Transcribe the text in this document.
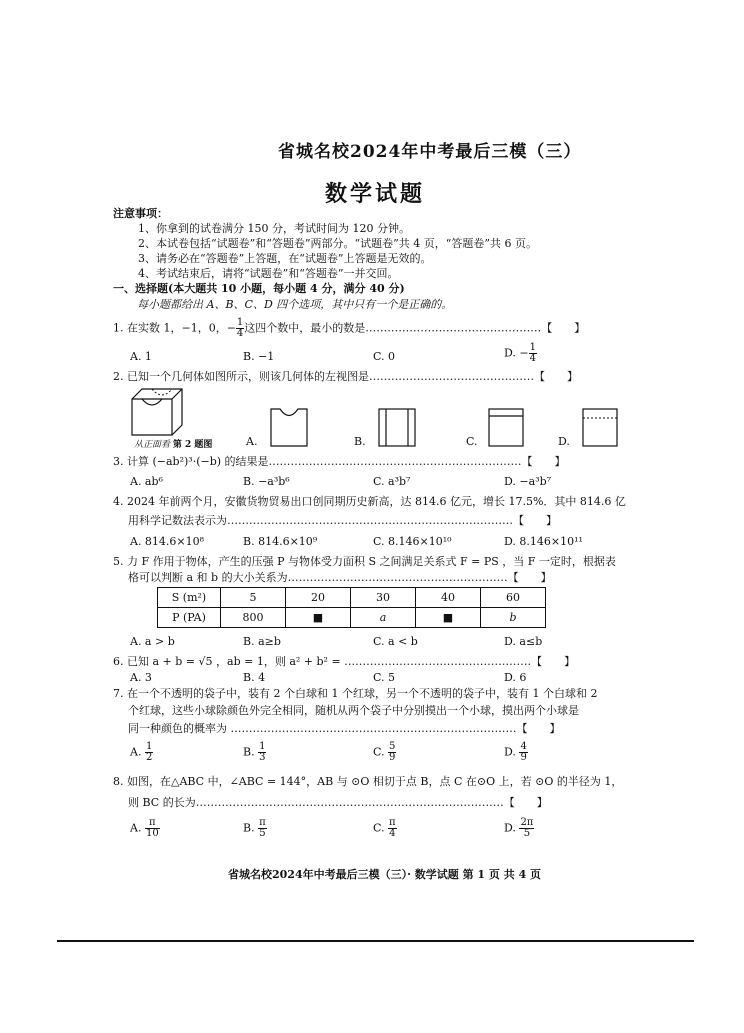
省城名校2024年中考最后三模（三）
数学试题
注意事项：
1、你拿到的试卷满分 150 分，考试时间为 120 分钟。
2、本试卷包括“试题卷”和“答题卷”两部分。“试题卷”共 4 页，“答题卷”共 6 页。
3、请务必在“答题卷”上答题，在“试题卷”上答题是无效的。
4、考试结束后，请将“试题卷”和“答题卷”一并交回。
一、选择题(本大题共 10 小题，每小题 4 分，满分 40 分)
每小题都给出 A、B、C、D 四个选项，其中只有一个是正确的。
1. 在实数 1，−1，0，− $\frac{1}{4}$ 这四个数中，最小的数是…………………………………………【　　】
A. 1	B. −1	C. 0	D. − $\frac{1}{4}$
2. 已知一个几何体如图所示，则该几何体的左视图是………………………………………【　　】
从正面看 第 2 题图	A.	B.	C.	D.
3. 计算 (−ab²)³·(−b) 的结果是……………………………………………………………【　　】
A. ab⁶	B. −a³b⁶	C. a³b⁷	D. −a³b⁷
4. 2024 年前两个月，安徽货物贸易出口创同期历史新高，达 814.6 亿元，增长 17.5%．其中 814.6 亿
用科学记数法表示为……………………………………………………………………【　　】
A. 814.6×10⁸	B. 814.6×10⁹	C. 8.146×10¹⁰	D. 8.146×10¹¹
5. 力 F 作用于物体，产生的压强 P 与物体受力面积 S 之间满足关系式 F = PS ，当 F 一定时，根据表
格可以判断 a 和 b 的大小关系为……………………………………………………【　　】
S (m²)	5	20	30	40	60
P (PA)	800	■	a	■	b
A. a > b	B. a≥b	C. a < b	D. a≤b
6. 已知 a + b = √5 ，ab = 1，则 a² + b² = ……………………………………………【　　】
A. 3	B. 4	C. 5	D. 6
7. 在一个不透明的袋子中，装有 2 个白球和 1 个红球，另一个不透明的袋子中，装有 1 个白球和 2
个红球，这些小球除颜色外完全相同，随机从两个袋子中分别摸出一个小球，摸出两个小球是
同一种颜色的概率为 ……………………………………………………………………【　　】
A. $\frac{1}{2}$	B. $\frac{1}{3}$	C. $\frac{5}{9}$	D. $\frac{4}{9}$
8. 如图，在△ABC 中，∠ABC = 144°，AB 与 ⊙O 相切于点 B，点 C 在⊙O 上，若 ⊙O 的半径为 1，
则 BC 的长为…………………………………………………………………………【　　】
A. $\frac{\pi}{10}$	B. $\frac{\pi}{5}$	C. $\frac{\pi}{4}$	D. $\frac{2\pi}{5}$
省城名校2024年中考最后三模（三）· 数学试题 第 1 页 共 4 页
